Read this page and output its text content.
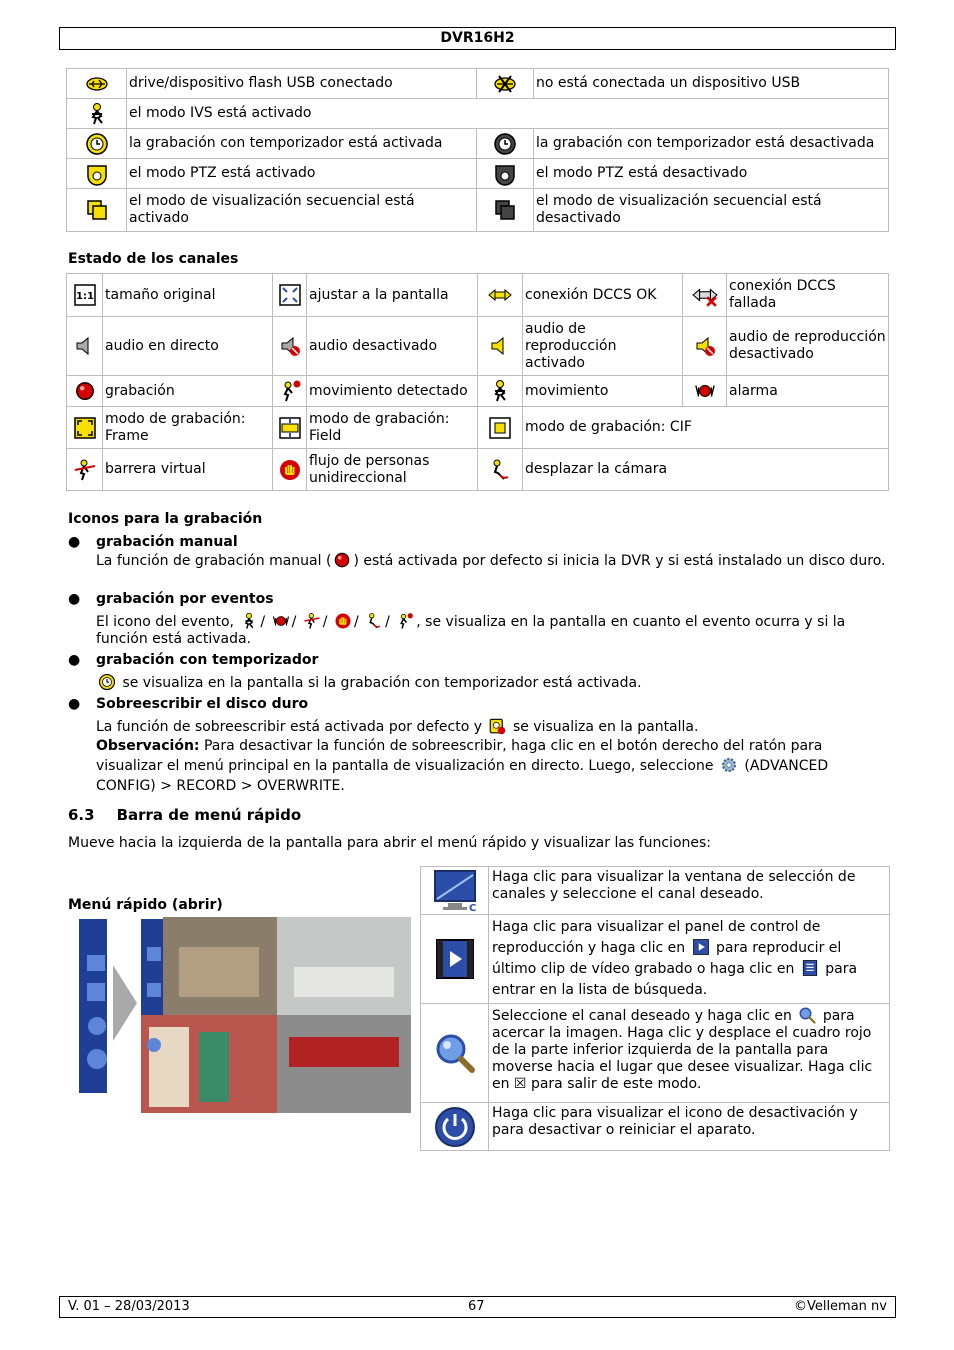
DVR16H2
	drive/dispositivo flash USB conectado		no está conectada un dispositivo USB
	el modo IVS está activado		
	la grabación con temporizador está activada		la grabación con temporizador está desactivada
	el modo PTZ está activado		el modo PTZ está desactivado
	el modo de visualización secuencial está activado		el modo de visualización secuencial está desactivado
Estado de los canales
	tamaño original		ajustar a la pantalla		conexión DCCS OK		conexión DCCS fallada
	audio en directo		audio desactivado		audio de reproducción activado		audio de reproducción desactivado
	grabación		movimiento detectado		movimiento		alarma
	modo de grabación: Frame		modo de grabación: Field		modo de grabación: CIF		
	barrera virtual		flujo de personas unidireccional		desplazar la cámara		
Iconos para la grabación
● grabación manual
La función de grabación manual ( ) está activada por defecto si inicia la DVR y si está instalado un disco duro.
● grabación por eventos
El icono del evento, / / / / / , se visualiza en la pantalla en cuanto el evento ocurra y si la función está activada.
● grabación con temporizador
se visualiza en la pantalla si la grabación con temporizador está activada.
● Sobreescribir el disco duro
La función de sobreescribir está activada por defecto y se visualiza en la pantalla.
Observación: Para desactivar la función de sobreescribir, haga clic en el botón derecho del ratón para visualizar el menú principal en la pantalla de visualización en directo. Luego, seleccione (ADVANCED CONFIG) > RECORD > OVERWRITE.
6.3 Barra de menú rápido
Mueve hacia la izquierda de la pantalla para abrir el menú rápido y visualizar las funciones:
Menú rápido (abrir)
	Haga clic para visualizar la ventana de selección de canales y seleccione el canal deseado.
	Haga clic para visualizar el panel de control de reproducción y haga clic en para reproducir el último clip de vídeo grabado o haga clic en para entrar en la lista de búsqueda.
	Seleccione el canal deseado y haga clic en para acercar la imagen. Haga clic y desplace el cuadro rojo de la parte inferior izquierda de la pantalla para moverse hacia el lugar que desee visualizar. Haga clic en ☒ para salir de este modo.
	Haga clic para visualizar el icono de desactivación y para desactivar o reiniciar el aparato.
V. 01 – 28/03/2013	67	©Velleman nv
